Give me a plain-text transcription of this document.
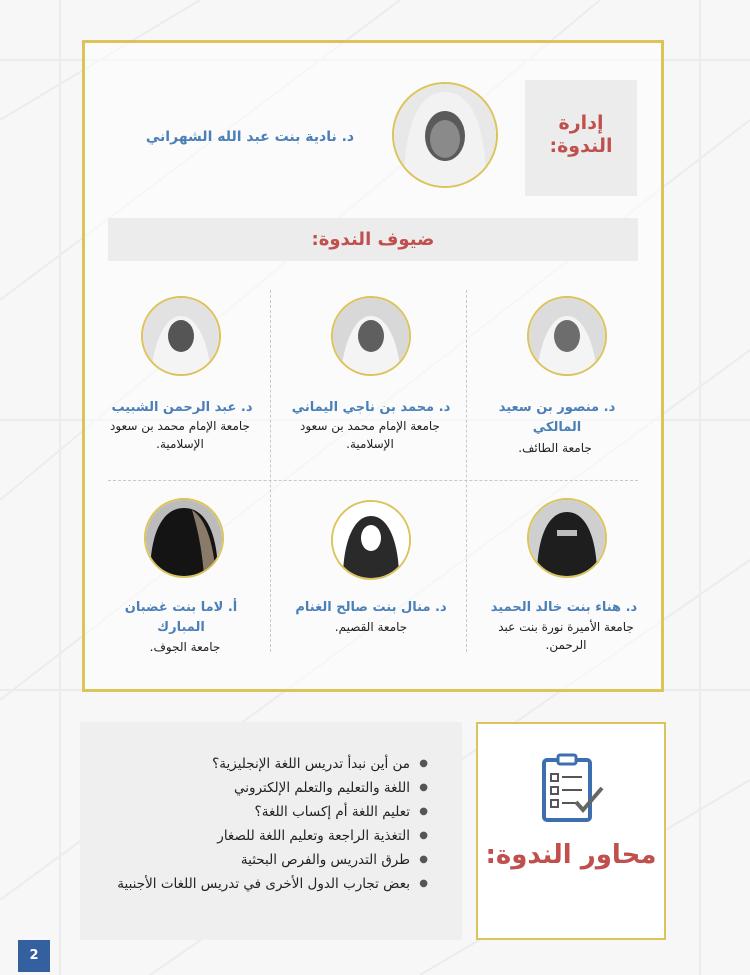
إدارة الندوة:
د. نادية بنت عبد الله الشهراني
ضيوف الندوة:
د. منصور بن سعيد المالكي
جامعة الطائف.
د. محمد بن ناجي اليماني
جامعة الإمام محمد بن سعود الإسلامية.
د. عبد الرحمن الشبيب
جامعة الإمام محمد بن سعود الإسلامية.
د. هناء بنت خالد الحميد
جامعة الأميرة نورة بنت عبد الرحمن.
د. منال بنت صالح الغنام
جامعة القصيم.
أ. لاما بنت غضبان المبارك
جامعة الجوف.
●
من أين نبدأ تدريس اللغة الإنجليزية؟
●
اللغة والتعليم والتعلم الإلكتروني
●
تعليم اللغة أم إكساب اللغة؟
●
التغذية الراجعة وتعليم اللغة للصغار
●
طرق التدريس والفرص البحثية
●
بعض تجارب الدول الأخرى في تدريس اللغات الأجنبية
محاور الندوة:
2
